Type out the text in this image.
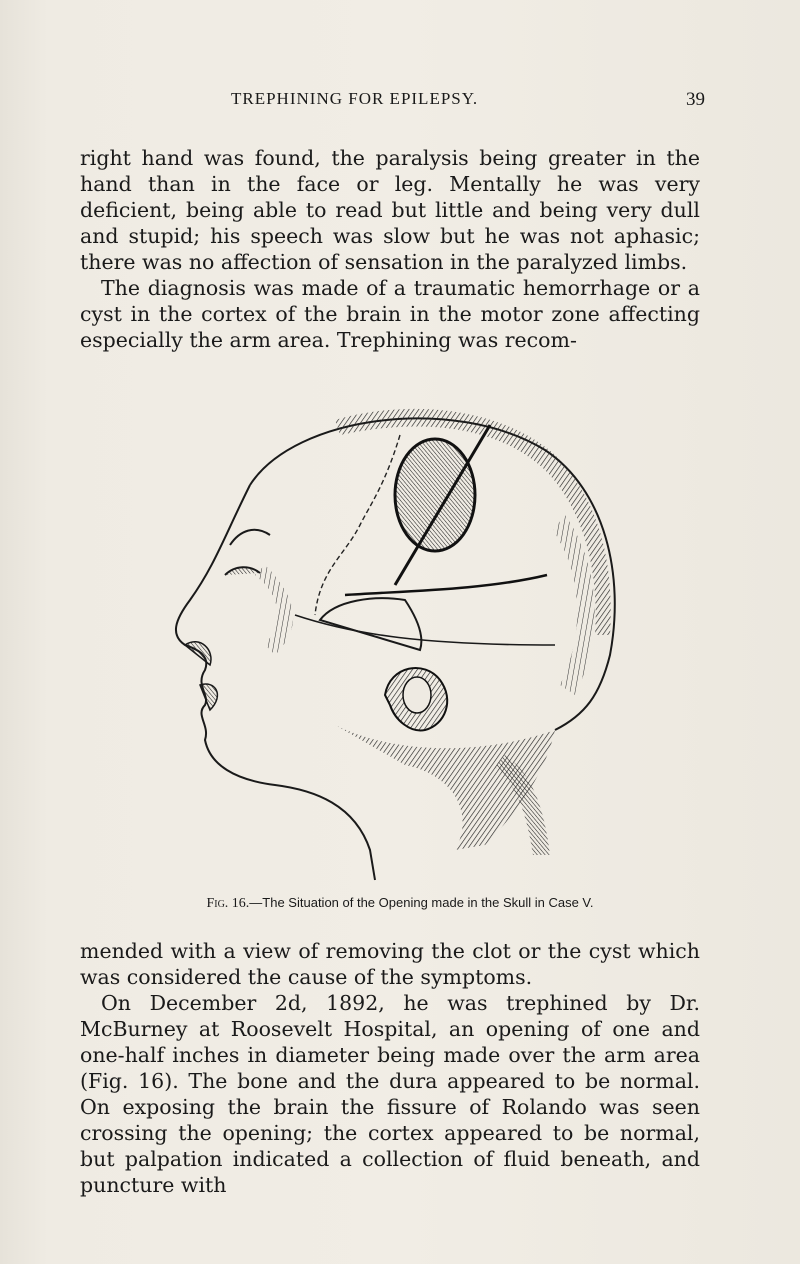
TREPHINING FOR EPILEPSY.	39

right hand was found, the paralysis being greater in the hand than in the face or leg. Mentally he was very deficient, being able to read but little and being very dull and stupid; his speech was slow but he was not aphasic; there was no affection of sensation in the paralyzed limbs.

The diagnosis was made of a traumatic hemorrhage or a cyst in the cortex of the brain in the motor zone affecting especially the arm area. Trephining was recom-

Fig. 16.—The Situation of the Opening made in the Skull in Case V.

mended with a view of removing the clot or the cyst which was considered the cause of the symptoms.

On December 2d, 1892, he was trephined by Dr. McBurney at Roosevelt Hospital, an opening of one and one-half inches in diameter being made over the arm area (Fig. 16). The bone and the dura appeared to be normal. On exposing the brain the fissure of Rolando was seen crossing the opening; the cortex appeared to be normal, but palpation indicated a collection of fluid beneath, and puncture with
